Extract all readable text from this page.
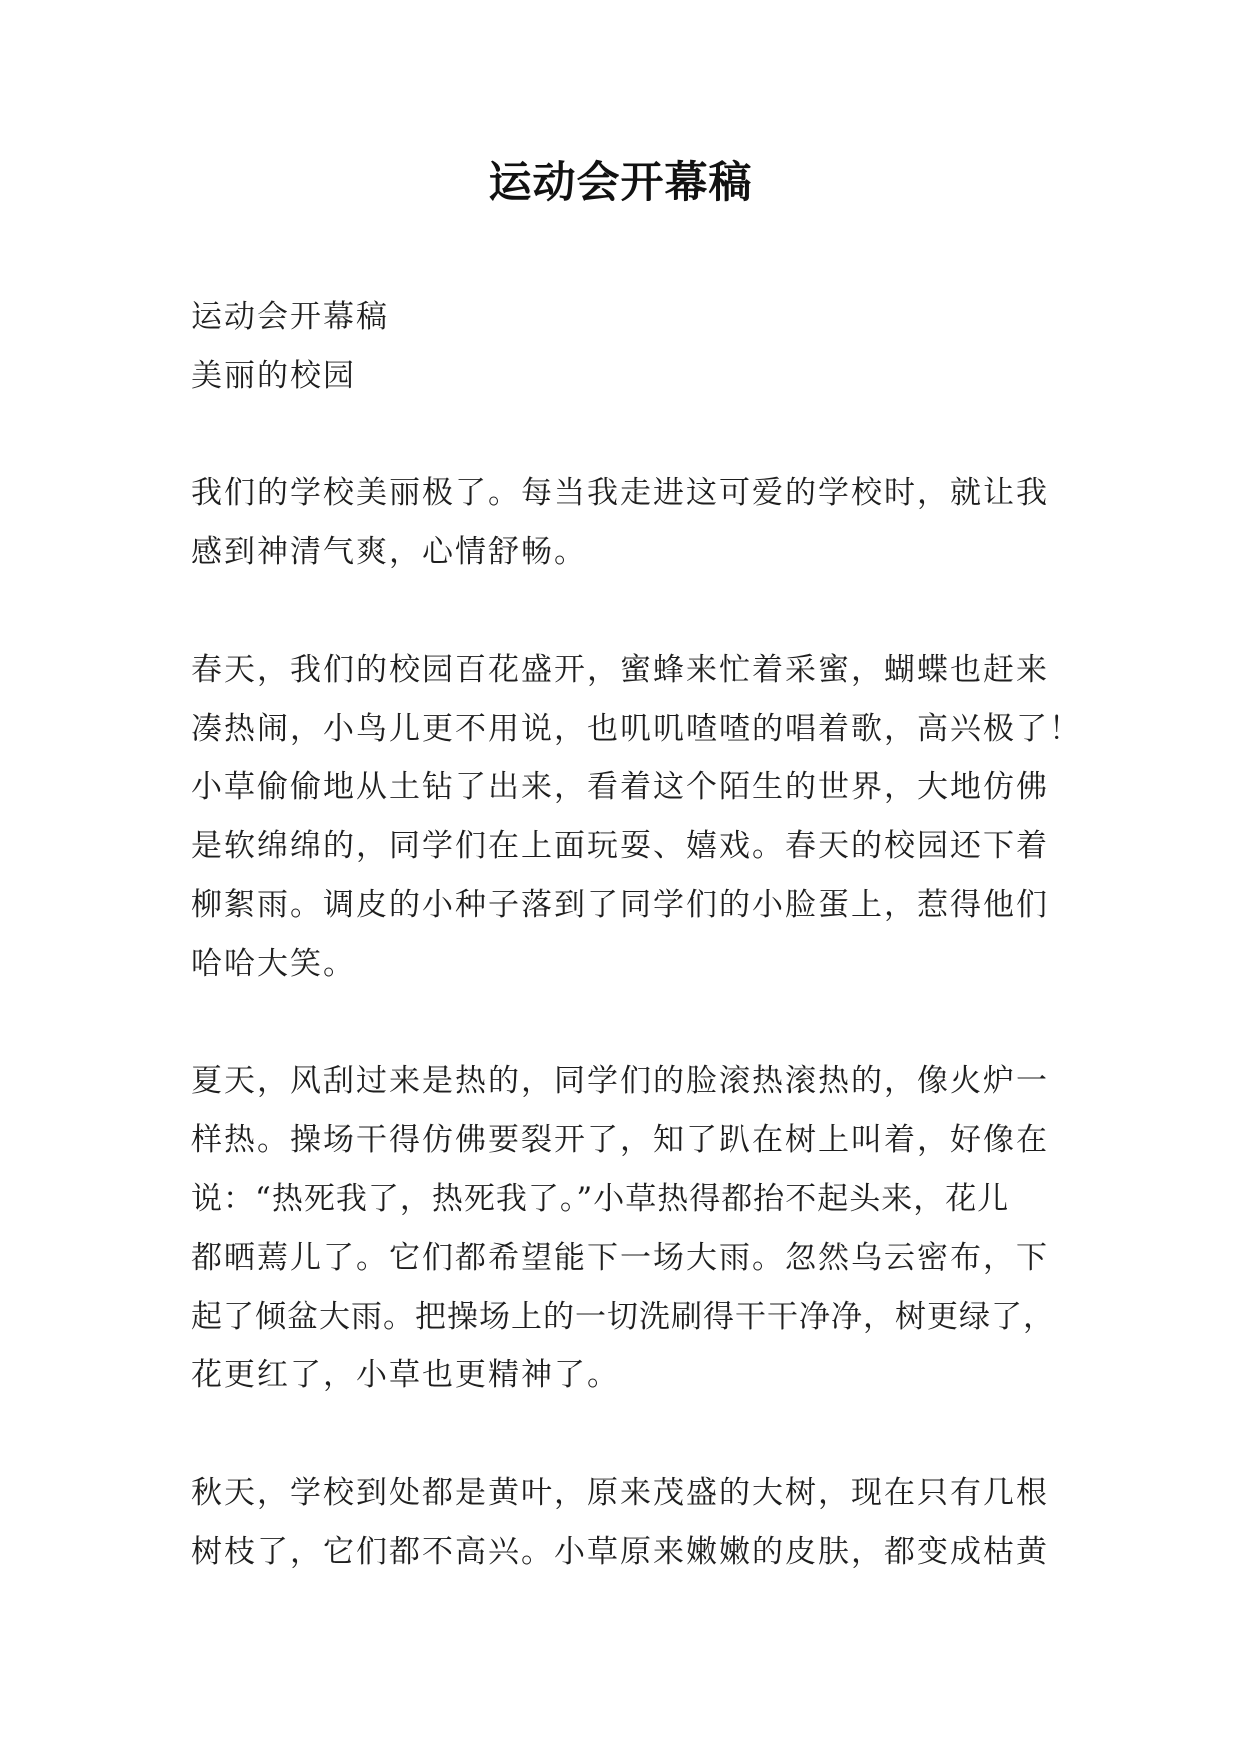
运动会开幕稿
运动会开幕稿
美丽的校园
我们的学校美丽极了。每当我走进这可爱的学校时，就让我
感到神清气爽，心情舒畅。
春天，我们的校园百花盛开，蜜蜂来忙着采蜜，蝴蝶也赶来
凑热闹，小鸟儿更不用说，也叽叽喳喳的唱着歌，高兴极了！
小草偷偷地从土钻了出来，看着这个陌生的世界，大地仿佛
是软绵绵的，同学们在上面玩耍、嬉戏。春天的校园还下着
柳絮雨。调皮的小种子落到了同学们的小脸蛋上，惹得他们
哈哈大笑。
夏天，风刮过来是热的，同学们的脸滚热滚热的，像火炉一
样热。操场干得仿佛要裂开了，知了趴在树上叫着，好像在
说：“热死我了，热死我了。”小草热得都抬不起头来，花儿
都晒蔫儿了。它们都希望能下一场大雨。忽然乌云密布，下
起了倾盆大雨。把操场上的一切洗刷得干干净净，树更绿了，
花更红了，小草也更精神了。
秋天，学校到处都是黄叶，原来茂盛的大树，现在只有几根
树枝了，它们都不高兴。小草原来嫩嫩的皮肤，都变成枯黄
